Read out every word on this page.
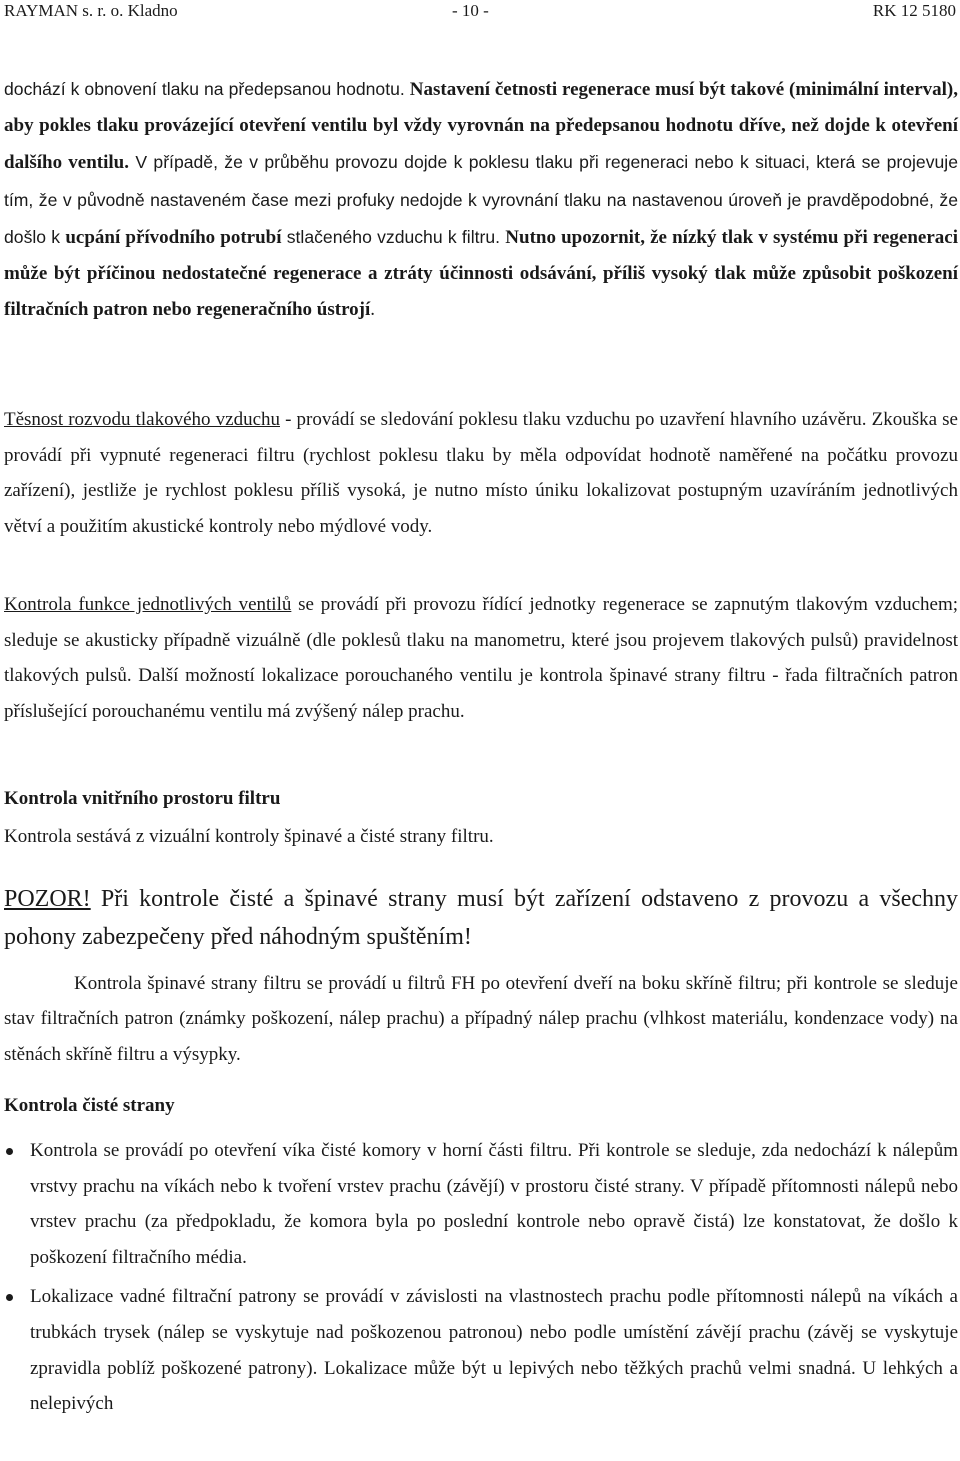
RAYMAN s. r. o. Kladno	- 10 -	RK 12 5180
dochází k obnovení tlaku na předepsanou hodnotu. Nastavení četnosti regenerace musí být takové (minimální interval), aby pokles tlaku provázející otevření ventilu byl vždy vyrovnán na předepsanou hodnotu dříve, než dojde k otevření dalšího ventilu. V případě, že v průběhu provozu dojde k poklesu tlaku při regeneraci nebo k situaci, která se projevuje tím, že v původně nastaveném čase mezi profuky nedojde k vyrovnání tlaku na nastavenou úroveň je pravděpodobné, že došlo k ucpání přívodního potrubí stlačeného vzduchu k filtru. Nutno upozornit, že nízký tlak v systému při regeneraci může být příčinou nedostatečné regenerace a ztráty účinnosti odsávání, příliš vysoký tlak může způsobit poškození filtračních patron nebo regeneračního ústrojí.
Těsnost rozvodu tlakového vzduchu - provádí se sledování poklesu tlaku vzduchu po uzavření hlavního uzávěru. Zkouška se provádí při vypnuté regeneraci filtru (rychlost poklesu tlaku by měla odpovídat hodnotě naměřené na počátku provozu zařízení), jestliže je rychlost poklesu příliš vysoká, je nutno místo úniku lokalizovat postupným uzavíráním jednotlivých větví a použitím akustické kontroly nebo mýdlové vody.
Kontrola funkce jednotlivých ventilů se provádí při provozu řídící jednotky regenerace se zapnutým tlakovým vzduchem; sleduje se akusticky případně vizuálně (dle poklesů tlaku na manometru, které jsou projevem tlakových pulsů) pravidelnost tlakových pulsů. Další možností lokalizace porouchaného ventilu je kontrola špinavé strany filtru - řada filtračních patron příslušející porouchanému ventilu má zvýšený nálep prachu.
Kontrola vnitřního prostoru filtru
Kontrola sestává z vizuální kontroly špinavé a čisté strany filtru.
POZOR! Při kontrole čisté a špinavé strany musí být zařízení odstaveno z provozu a všechny pohony zabezpečeny před náhodným spuštěním!
Kontrola špinavé strany filtru se provádí u filtrů FH po otevření dveří na boku skříně filtru; při kontrole se sleduje stav filtračních patron (známky poškození, nálep prachu) a případný nálep prachu (vlhkost materiálu, kondenzace vody) na stěnách skříně filtru a výsypky.
Kontrola čisté strany
Kontrola se provádí po otevření víka čisté komory v horní části filtru. Při kontrole se sleduje, zda nedochází k nálepům vrstvy prachu na víkách nebo k tvoření vrstev prachu (závějí) v prostoru čisté strany. V případě přítomnosti nálepů nebo vrstev prachu (za předpokladu, že komora byla po poslední kontrole nebo opravě čistá) lze konstatovat, že došlo k poškození filtračního média.
Lokalizace vadné filtrační patrony se provádí v závislosti na vlastnostech prachu podle přítomnosti nálepů na víkách a trubkách trysek (nálep se vyskytuje nad poškozenou patronou) nebo podle umístění závějí prachu (závěj se vyskytuje zpravidla poblíž poškozené patrony). Lokalizace může být u lepivých nebo těžkých prachů velmi snadná. U lehkých a nelepivých
